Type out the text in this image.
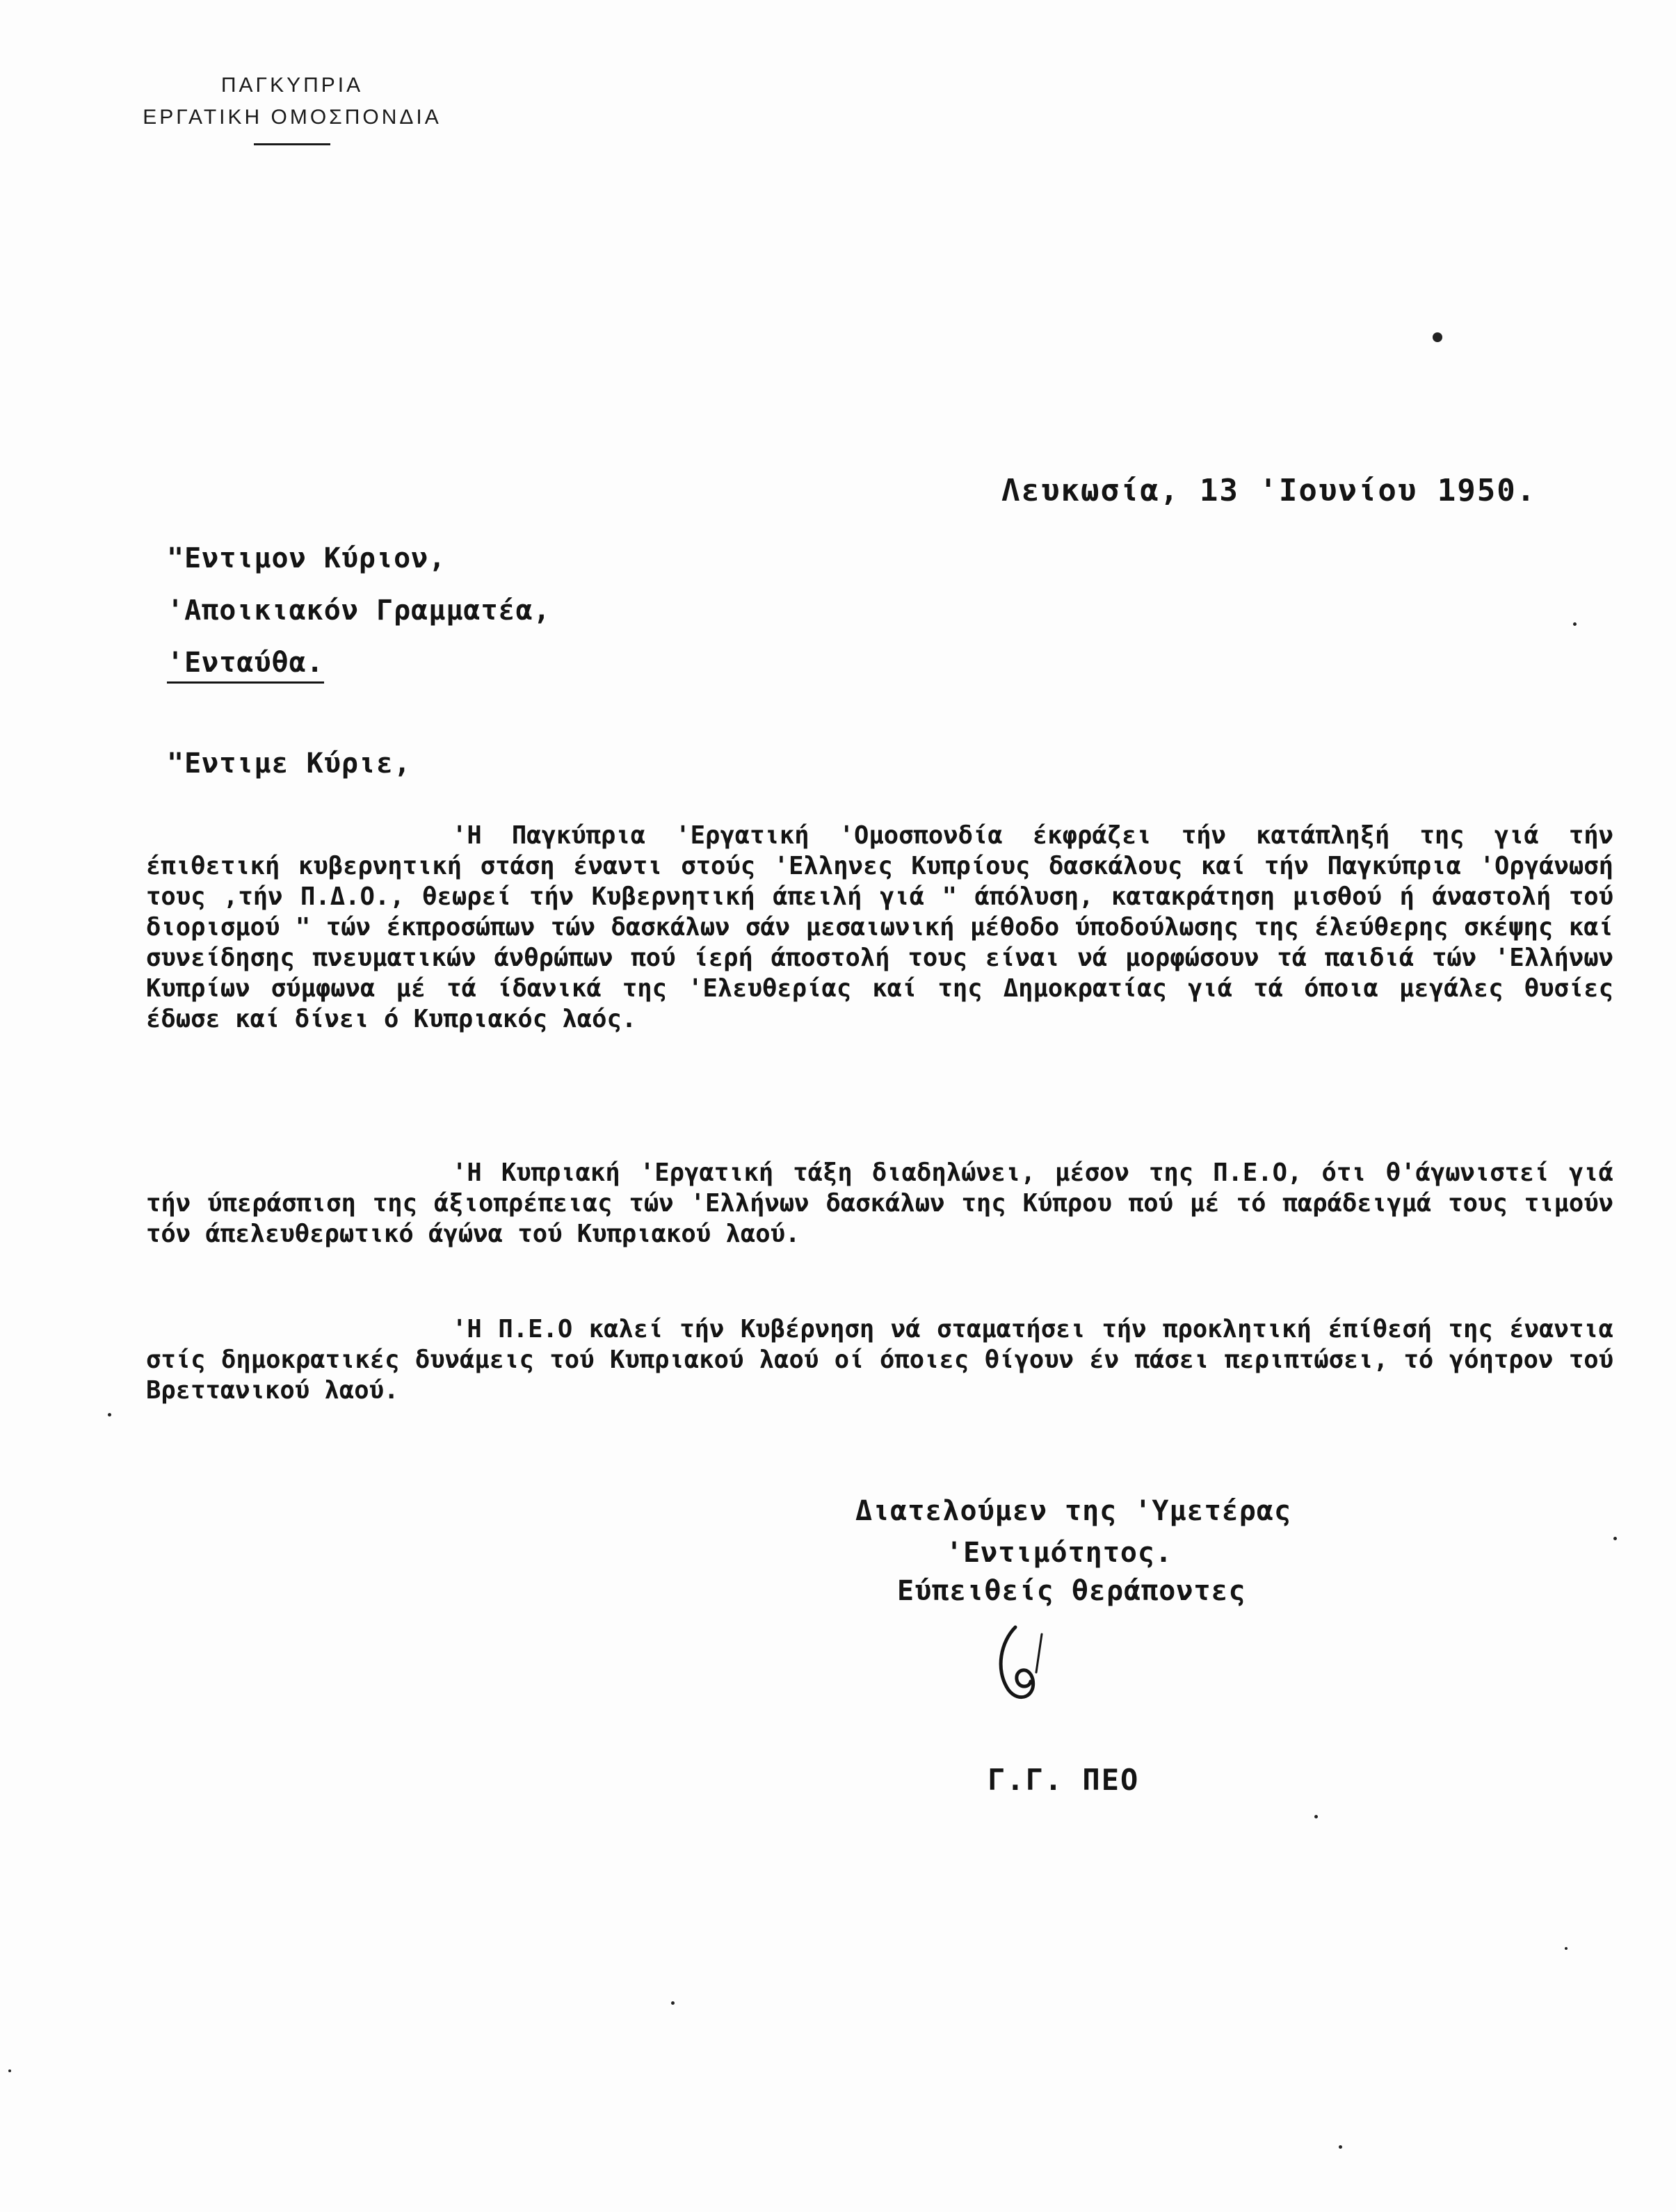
ΠΑΓΚΥΠΡΙΑ
ΕΡΓΑΤΙΚΗ ΟΜΟΣΠΟΝΔΙΑ
Λευκωσία, 13 'Ιουνίου 1950.
"Εντιμον Κύριον,
'Αποικιακόν Γραμματέα,
'Ενταύθα.
"Εντιμε Κύριε,
'Η Παγκύπρια 'Εργατική 'Ομοσπονδία έκφράζει τήν κατάπληξή της γιά τήν έπιθετική κυβερνητική στάση έναντι στούς 'Ελληνες Κυπρίους δασκάλους καί τήν Παγκύπρια 'Οργάνωσή τους ,τήν Π.Δ.Ο., θεωρεί τήν Κυβερνητική άπειλή γιά " άπόλυση, κατακράτηση μισθού ή άναστολή τού διορισμού " τών έκπροσώπων τών δασκάλων σάν μεσαιωνική μέθοδο ύποδούλωσης της έλεύθερης σκέψης καί συνείδησης πνευματικών άνθρώπων πού ίερή άποστολή τους είναι νά μορφώσουν τά παιδιά τών 'Ελλήνων Κυπρίων σύμφωνα μέ τά ίδανικά της 'Ελευθερίας καί της Δημοκρατίας γιά τά όποια μεγάλες θυσίες έδωσε καί δίνει ό Κυπριακός λαός.
'Η Κυπριακή 'Εργατική τάξη διαδηλώνει, μέσον της Π.Ε.Ο, ότι θ'άγωνιστεί γιά τήν ύπεράσπιση της άξιοπρέπειας τών 'Ελλήνων δασκάλων της Κύπρου πού μέ τό παράδειγμά τους τιμούν τόν άπελευθερωτικό άγώνα τού Κυπριακού λαού.
'Η Π.Ε.Ο καλεί τήν Κυβέρνηση νά σταματήσει τήν προκλητική έπίθεσή της έναντια στίς δημοκρατικές δυνάμεις τού Κυπριακού λαού οί όποιες θίγουν έν πάσει περιπτώσει, τό γόητρον τού Βρεττανικού λαού.
Διατελούμεν της 'Υμετέρας
'Εντιμότητος.
Εύπειθείς θεράποντες
Γ.Γ. ΠΕΟ
